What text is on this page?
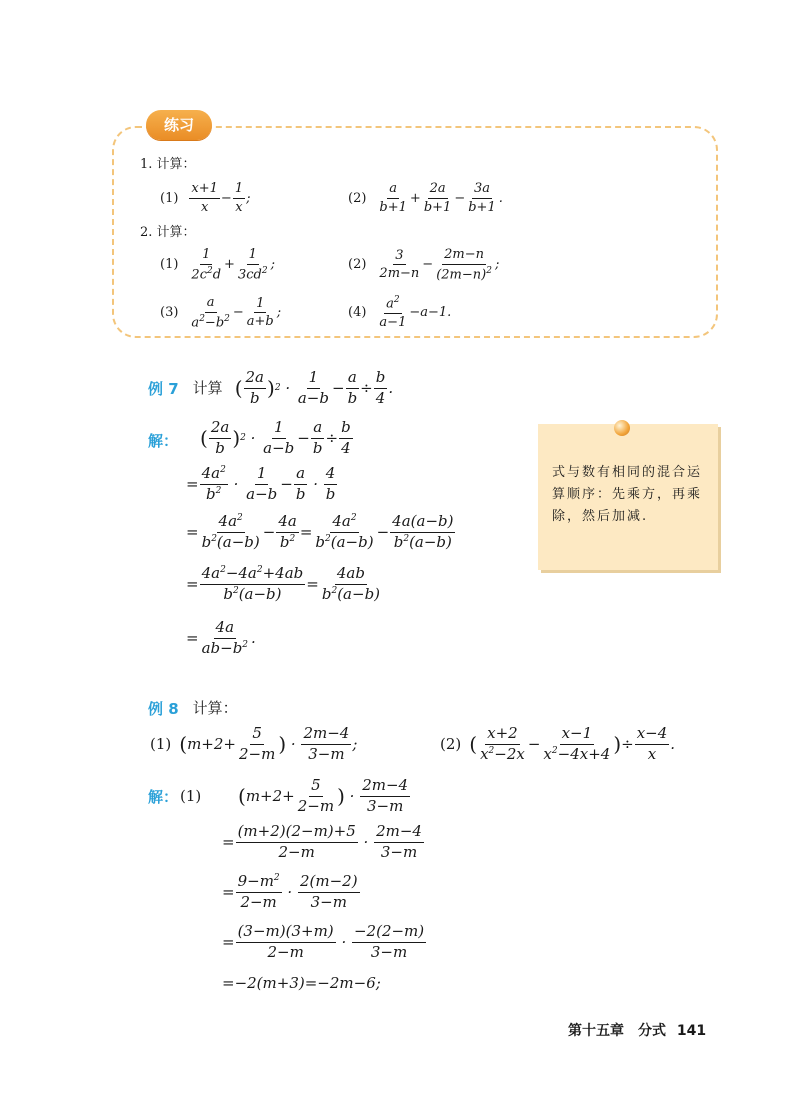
练习
1. 计算：
$(1) \frac{x+1}{x} - \frac{1}{x}$ ;	$(2) \frac{a}{b+1} + \frac{2a}{b+1} - \frac{3a}{b+1}$ .
2. 计算：
$(1) \frac{1}{2c^2d} + \frac{1}{3cd^2}$ ;	$(2) \frac{3}{2m-n} - \frac{2m-n}{(2m-n)^2}$ ;
$(3) \frac{a}{a^2-b^2} - \frac{1}{a+b}$ ;	$(4) \frac{a^2}{a-1} -a-1$.
例 7 计算 ( $\frac{2a}{b}$ ) $2 \cdot \frac{1}{a-b} - \frac{a}{b} \div \frac{b}{4}$ .
解： ( $\frac{2a}{b}$ ) $2 \cdot \frac{1}{a-b} - \frac{a}{b} \div \frac{b}{4}$
= $\frac{4a^2}{b^2} \cdot \frac{1}{a-b} - \frac{a}{b} \cdot \frac{4}{b}$
= $\frac{4a^2}{b^2(a-b)} - \frac{4a}{b^2} = \frac{4a^2}{b^2(a-b)} - \frac{4a(a-b)}{b^2(a-b)}$
= $\frac{4a^2-4a^2+4ab}{b^2(a-b)} = \frac{4ab}{b^2(a-b)}$
= $\frac{4a}{ab-b^2}$ .
式与数有相同的混合运算顺序：先乘方，再乘除，然后加减.
例 8 计算：
(1) ( $m+2+ \frac{5}{2-m}$ ) · $\frac{2m-4}{3-m}$ ;	(2) ( $\frac{x+2}{x^2-2x} - \frac{x-1}{x^2-4x+4}$ ) ÷ $\frac{x-4}{x}$ .
解： (1) ( $m+2+ \frac{5}{2-m}$ ) · $\frac{2m-4}{3-m}$
= $\frac{(m+2)(2-m)+5}{2-m} \cdot \frac{2m-4}{3-m}$
= $\frac{9-m^2}{2-m} \cdot \frac{2(m-2)}{3-m}$
= $\frac{(3-m)(3+m)}{2-m} \cdot \frac{-2(2-m)}{3-m}$
=−2(m+3)=−2m−6;
第十五章　分式 141
